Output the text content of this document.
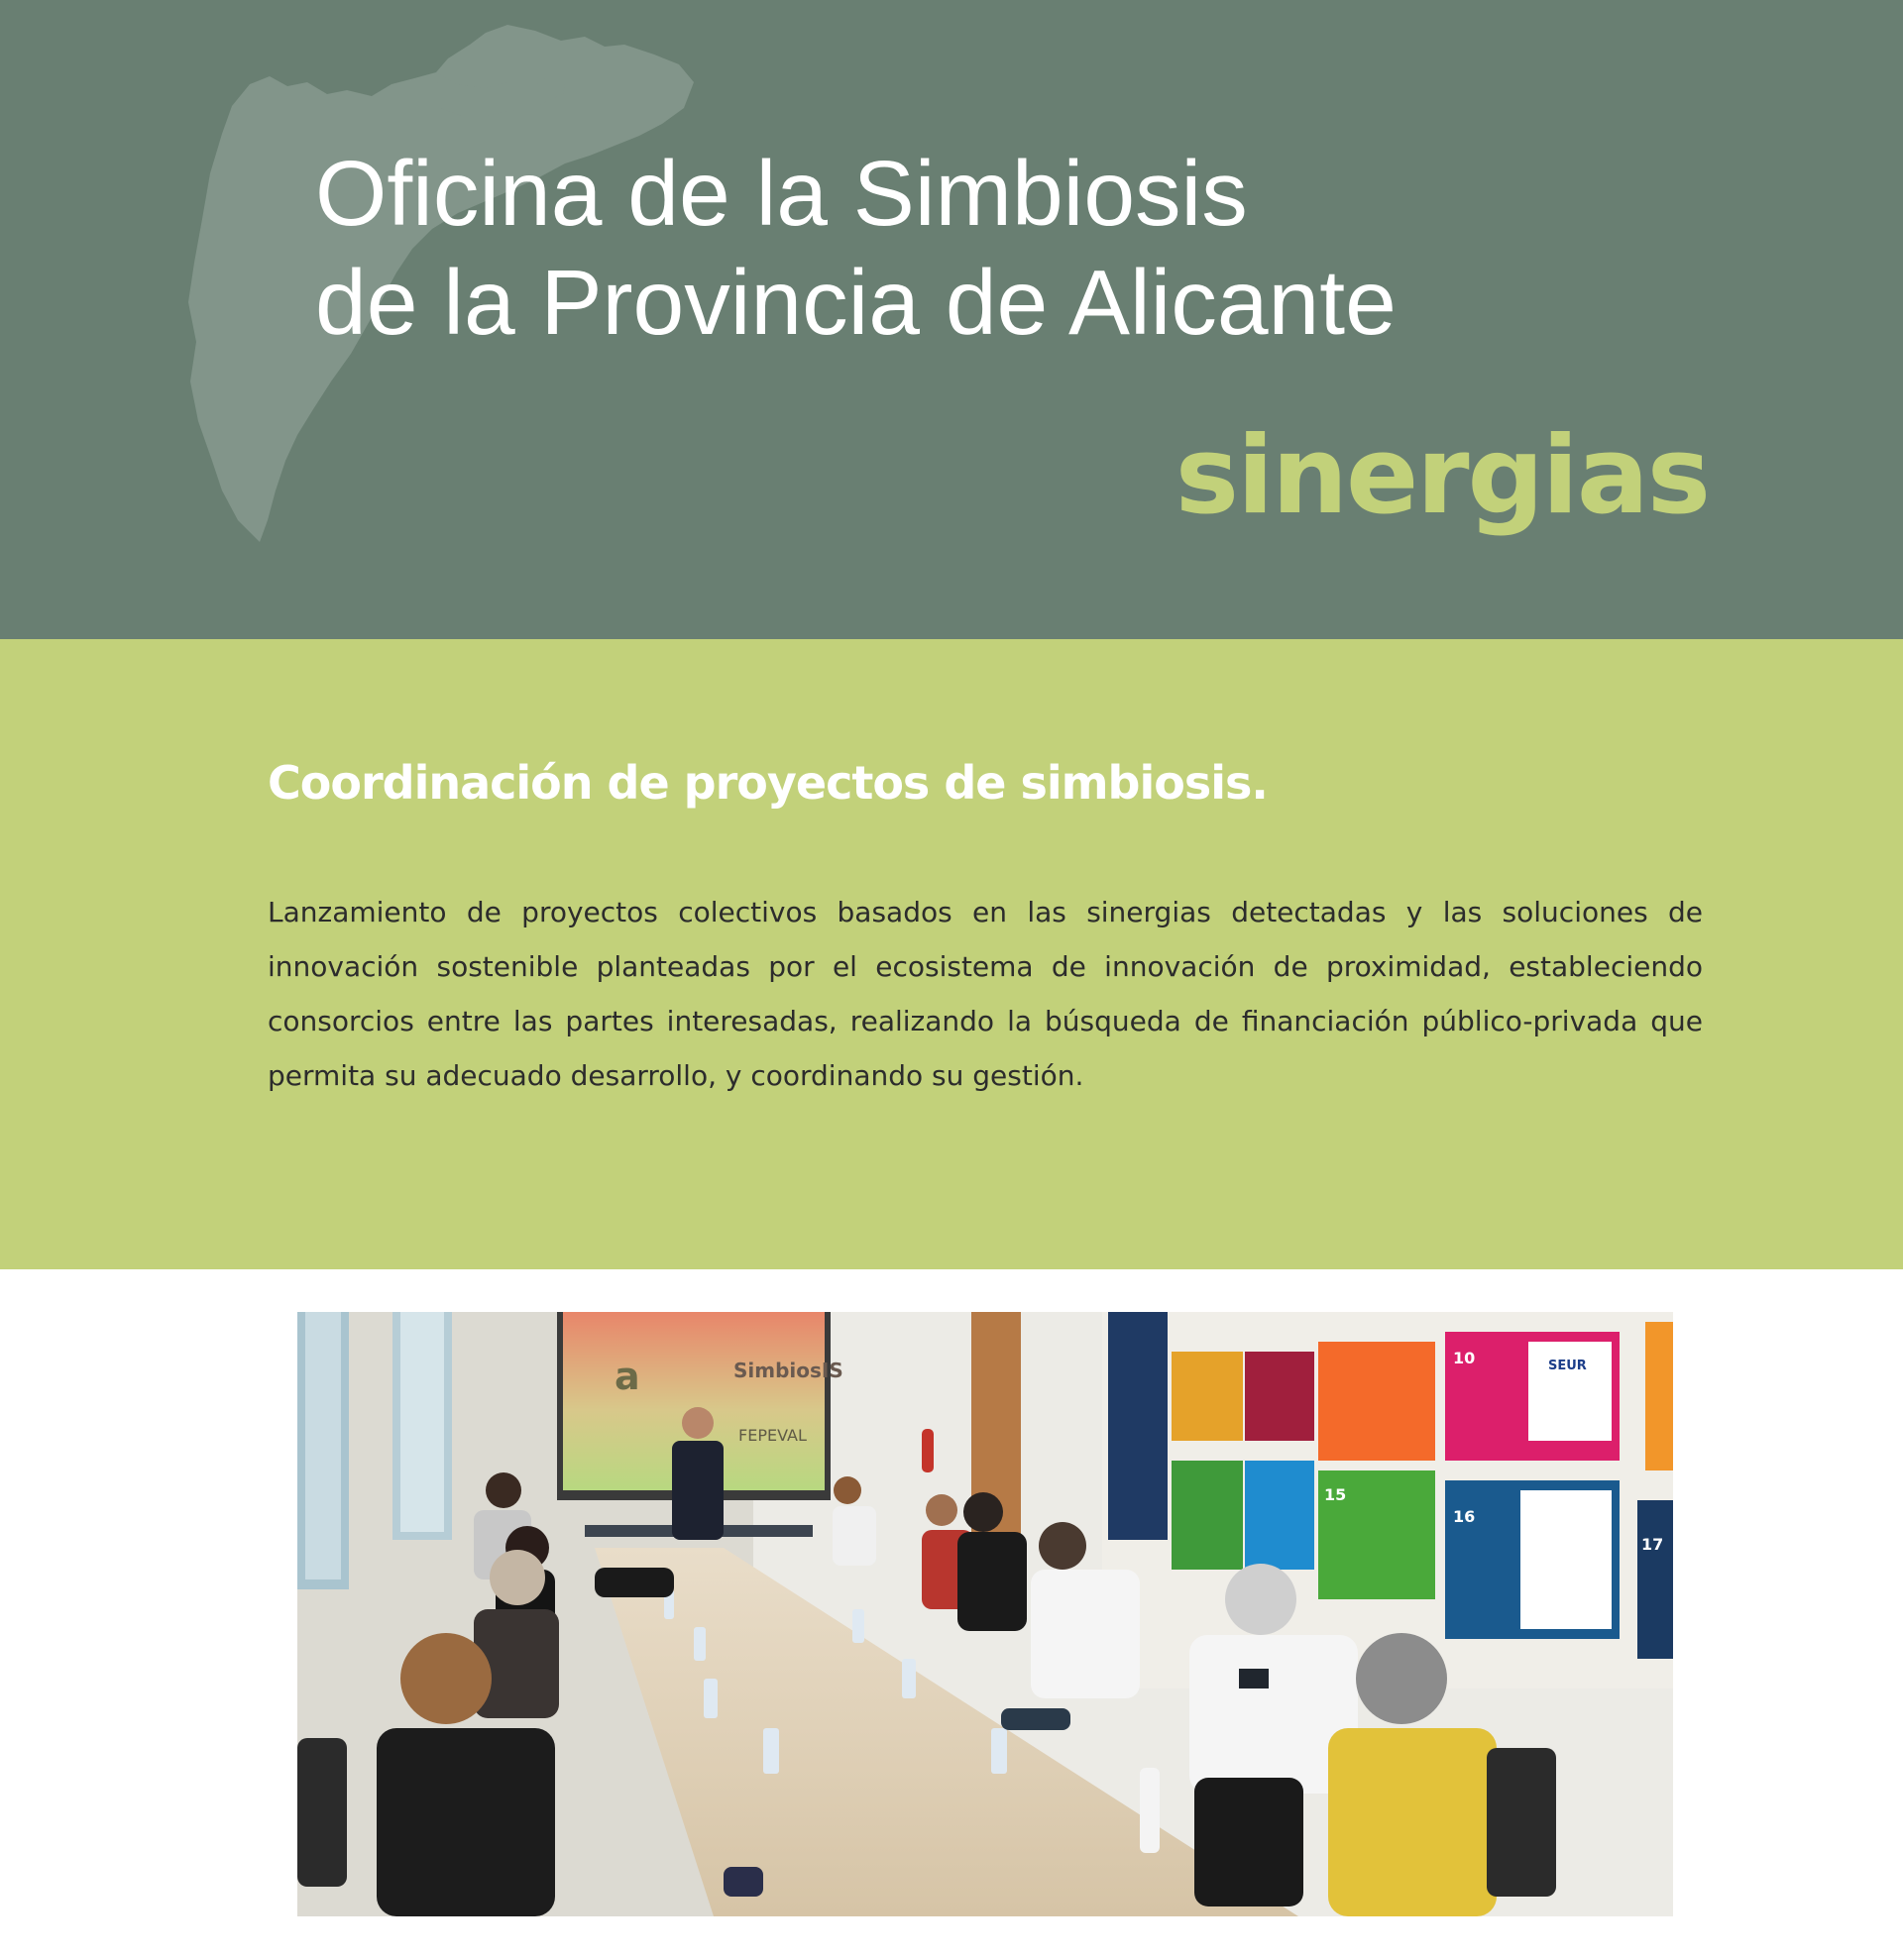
Oficina de la Simbiosis
de la Provincia de Alicante
sinergias
Coordinación de proyectos de simbiosis.

Lanzamiento de proyectos colectivos basados en las sinergias detectadas y las soluciones de innovación sostenible planteadas por el ecosistema de innovación de proximidad, estableciendo consorcios entre las partes interesadas, realizando la búsqueda de financiación público-privada que permita su adecuado desarrollo, y coordinando su gestión.

a	SimbiosIS
FEPEVAL
10	SEUR
15
16
17
